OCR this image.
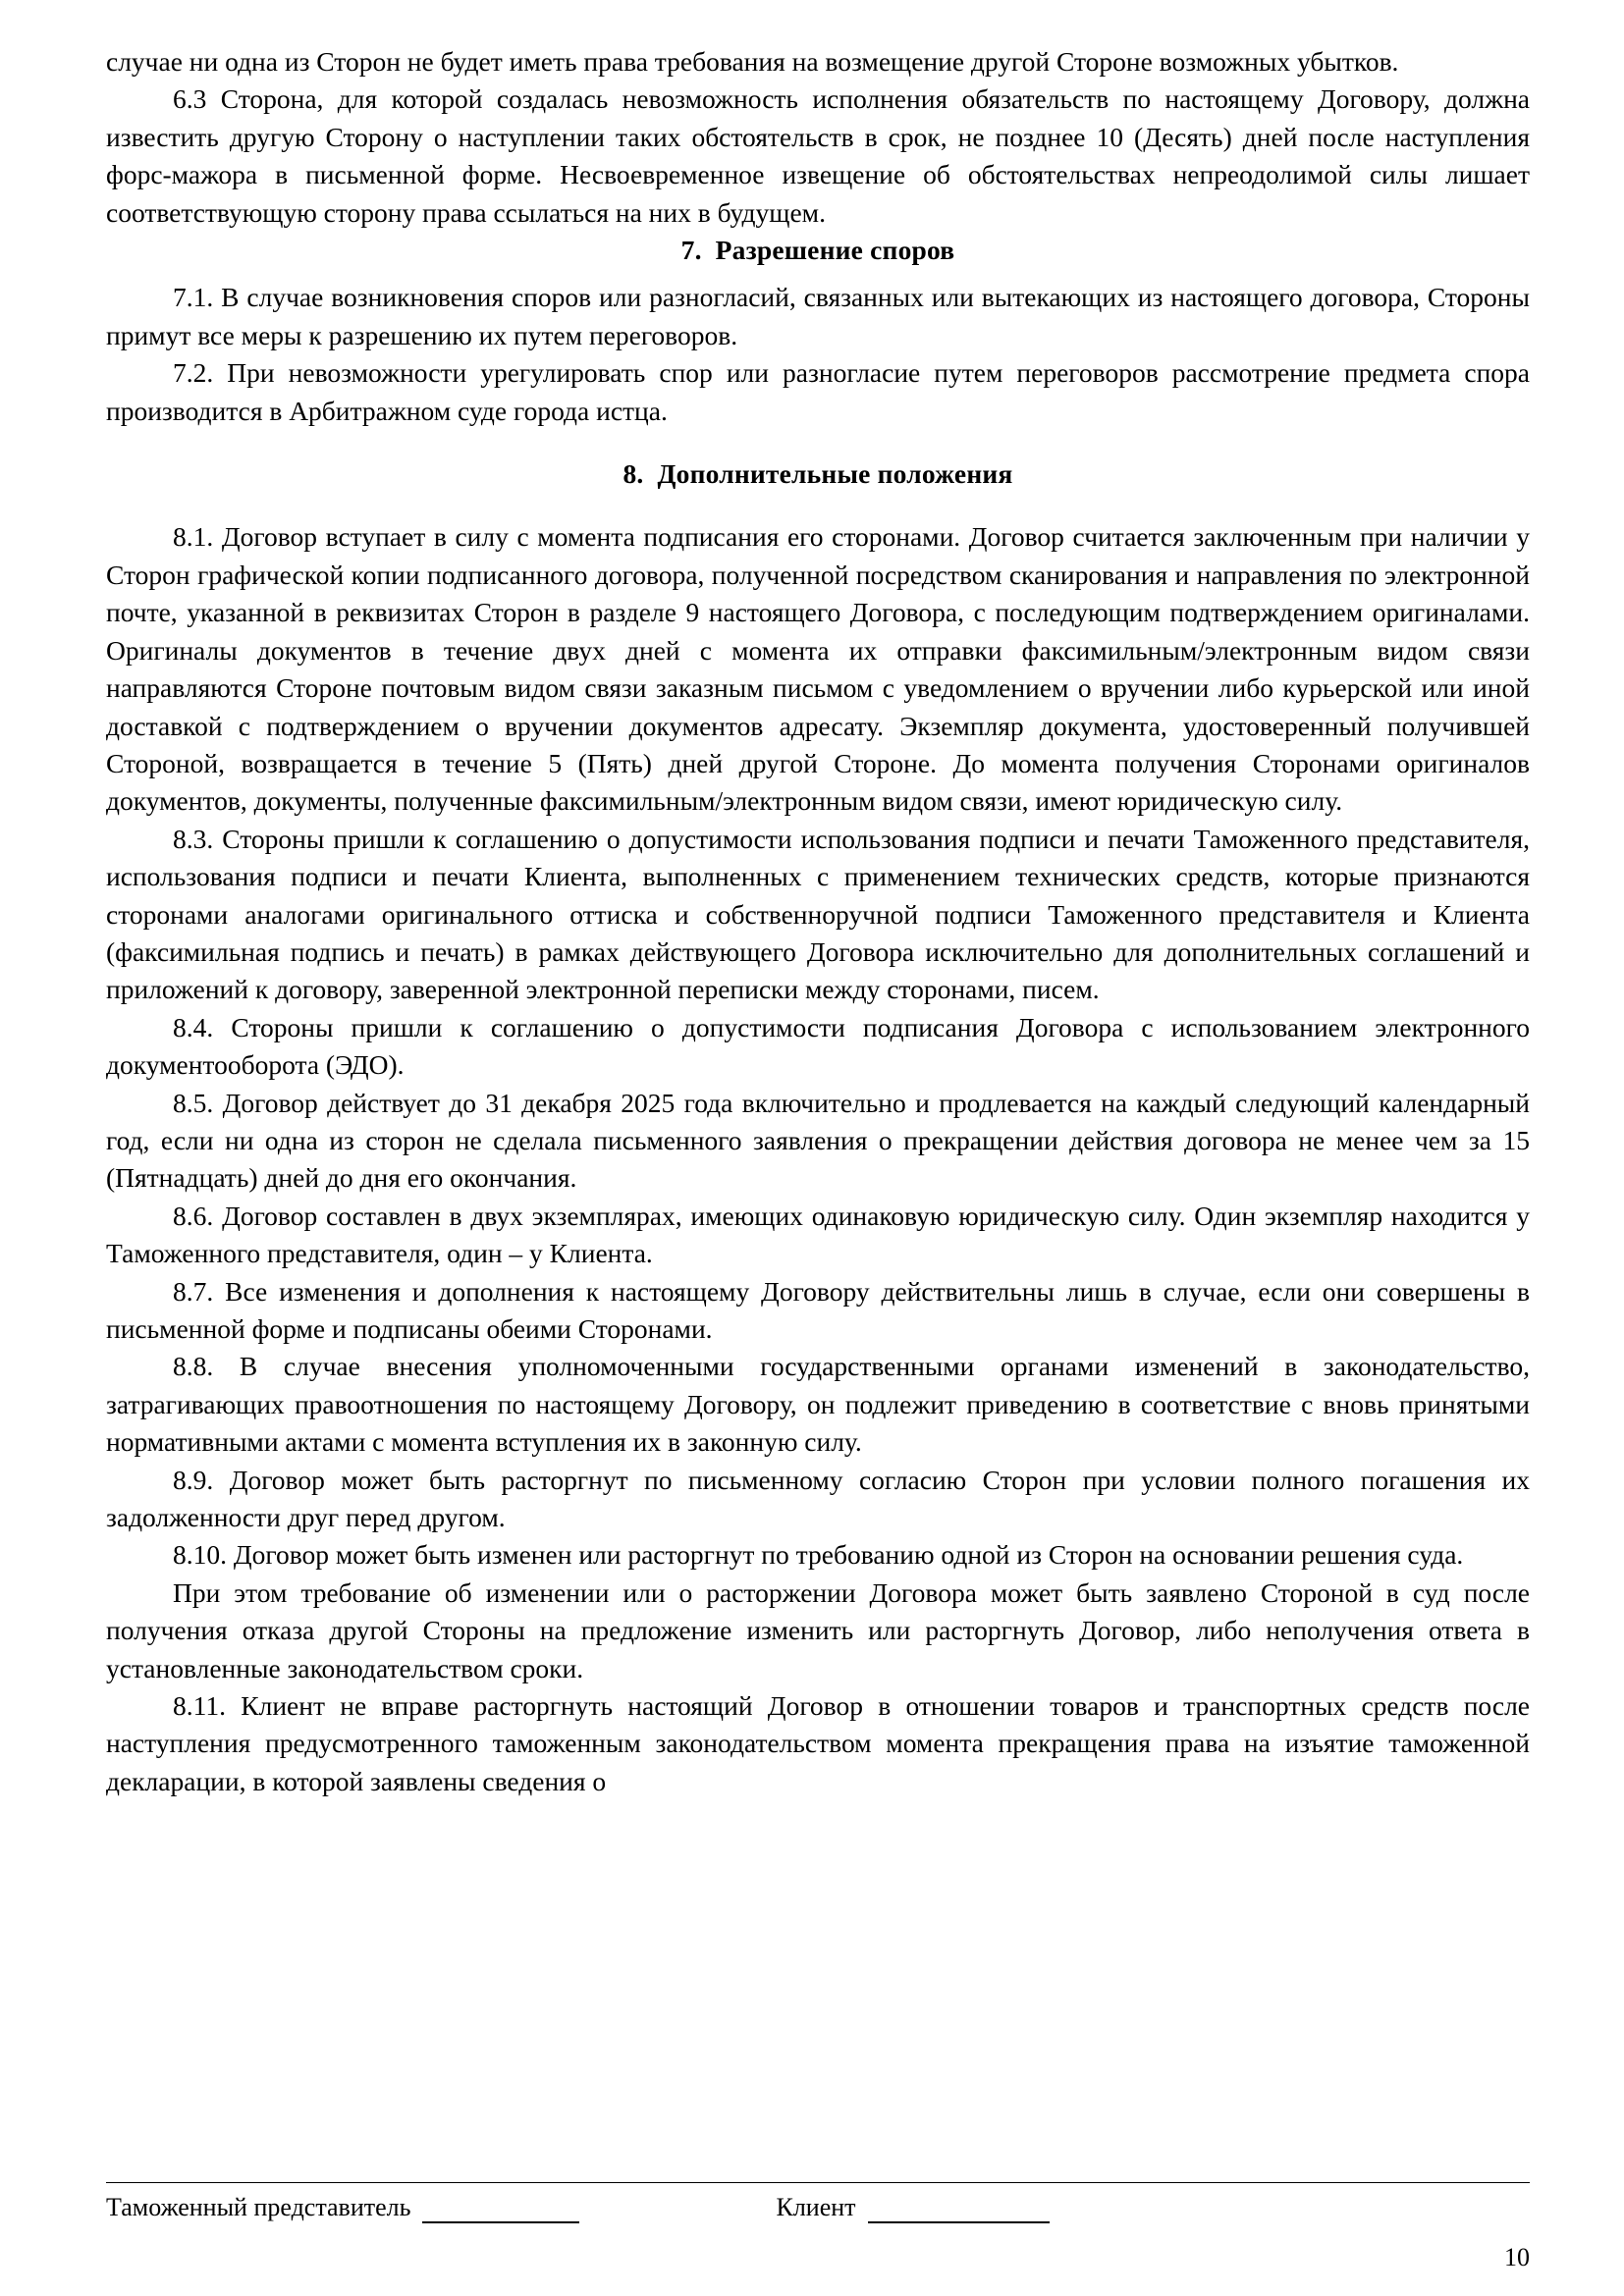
случае ни одна из Сторон не будет иметь права требования на возмещение другой Стороне возможных убытков.

6.3 Сторона, для которой создалась невозможность исполнения обязательств по настоящему Договору, должна известить другую Сторону о наступлении таких обстоятельств в срок, не позднее 10 (Десять) дней после наступления форс-мажора в письменной форме. Несвоевременное извещение об обстоятельствах непреодолимой силы лишает соответствующую сторону права ссылаться на них в будущем.

7. Разрешение споров

7.1. В случае возникновения споров или разногласий, связанных или вытекающих из настоящего договора, Стороны примут все меры к разрешению их путем переговоров.

7.2. При невозможности урегулировать спор или разногласие путем переговоров рассмотрение предмета спора производится в Арбитражном суде города истца.

8. Дополнительные положения

8.1. Договор вступает в силу с момента подписания его сторонами. Договор считается заключенным при наличии у Сторон графической копии подписанного договора, полученной посредством сканирования и направления по электронной почте, указанной в реквизитах Сторон в разделе 9 настоящего Договора, с последующим подтверждением оригиналами. Оригиналы документов в течение двух дней с момента их отправки факсимильным/электронным видом связи направляются Стороне почтовым видом связи заказным письмом с уведомлением о вручении либо курьерской или иной доставкой с подтверждением о вручении документов адресату. Экземпляр документа, удостоверенный получившей Стороной, возвращается в течение 5 (Пять) дней другой Стороне. До момента получения Сторонами оригиналов документов, документы, полученные факсимильным/электронным видом связи, имеют юридическую силу.

8.3. Стороны пришли к соглашению о допустимости использования подписи и печати Таможенного представителя, использования подписи и печати Клиента, выполненных с применением технических средств, которые признаются сторонами аналогами оригинального оттиска и собственноручной подписи Таможенного представителя и Клиента (факсимильная подпись и печать) в рамках действующего Договора исключительно для дополнительных соглашений и приложений к договору, заверенной электронной переписки между сторонами, писем.

8.4. Стороны пришли к соглашению о допустимости подписания Договора с использованием электронного документооборота (ЭДО).

8.5. Договор действует до 31 декабря 2025 года включительно и продлевается на каждый следующий календарный год, если ни одна из сторон не сделала письменного заявления о прекращении действия договора не менее чем за 15 (Пятнадцать) дней до дня его окончания.

8.6. Договор составлен в двух экземплярах, имеющих одинаковую юридическую силу. Один экземпляр находится у Таможенного представителя, один – у Клиента.

8.7. Все изменения и дополнения к настоящему Договору действительны лишь в случае, если они совершены в письменной форме и подписаны обеими Сторонами.

8.8. В случае внесения уполномоченными государственными органами изменений в законодательство, затрагивающих правоотношения по настоящему Договору, он подлежит приведению в соответствие с вновь принятыми нормативными актами с момента вступления их в законную силу.

8.9. Договор может быть расторгнут по письменному согласию Сторон при условии полного погашения их задолженности друг перед другом.

8.10. Договор может быть изменен или расторгнут по требованию одной из Сторон на основании решения суда.

При этом требование об изменении или о расторжении Договора может быть заявлено Стороной в суд после получения отказа другой Стороны на предложение изменить или расторгнуть Договор, либо неполучения ответа в установленные законодательством сроки.

8.11. Клиент не вправе расторгнуть настоящий Договор в отношении товаров и транспортных средств после наступления предусмотренного таможенным законодательством момента прекращения права на изъятие таможенной декларации, в которой заявлены сведения о

Таможенный представитель	Клиент
10
